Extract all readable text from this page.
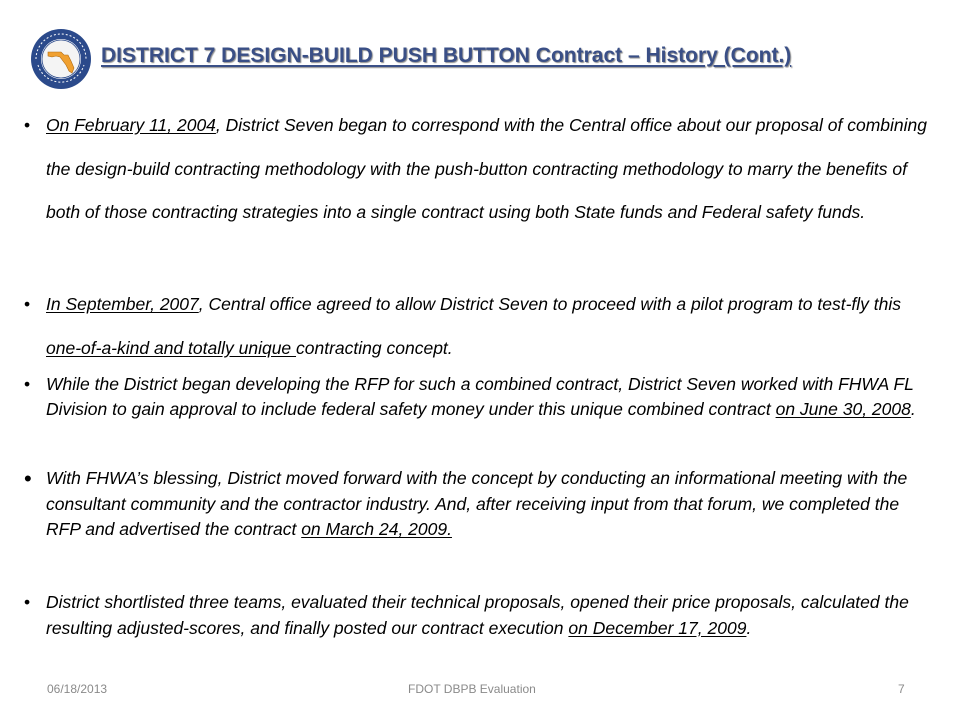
DISTRICT 7 DESIGN-BUILD PUSH BUTTON Contract – History (Cont.)
• On February 11, 2004, District Seven began to correspond with the Central office about our proposal of combining the design-build contracting methodology with the push-button contracting methodology to marry the benefits of both of those contracting strategies into a single contract using both State funds and Federal safety funds.
• In September, 2007, Central office agreed to allow District Seven to proceed with a pilot program to test-fly this one-of-a-kind and totally unique contracting concept.
• While the District began developing the RFP for such a combined contract, District Seven worked with FHWA FL Division to gain approval to include federal safety money under this unique combined contract on June 30, 2008.
• With FHWA’s blessing, District moved forward with the concept by conducting an informational meeting with the consultant community and the contractor industry. And, after receiving input from that forum, we completed the RFP and advertised the contract on March 24, 2009.
• District shortlisted three teams, evaluated their technical proposals, opened their price proposals, calculated the resulting adjusted-scores, and finally posted our contract execution on December 17, 2009.
06/18/2013	FDOT DBPB Evaluation	7
